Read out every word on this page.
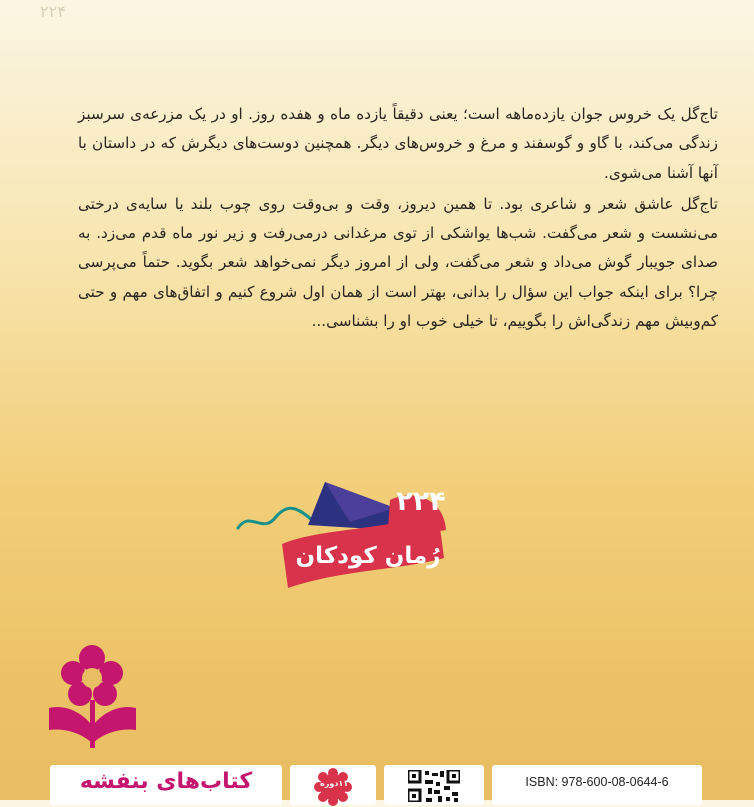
۲۲۴

تاج‌گل یک خروس جوان یازده‌ماهه است؛ یعنی دقیقاً یازده ماه و هفده روز. او در یک مزرعه‌ی سرسبز زندگی می‌کند، با گاو و گوسفند و مرغ و خروس‌های دیگر. همچنین دوست‌های دیگرش که در داستان با آنها آشنا می‌شوی.

تاج‌گل عاشق شعر و شاعری بود. تا همین دیروز، وقت و بی‌وقت روی چوب بلند یا سایه‌ی درختی می‌نشست و شعر می‌گفت. شب‌ها یواشکی از توی مرغدانی درمی‌رفت و زیر نور ماه قدم می‌زد. به صدای جویبار گوش می‌داد و شعر می‌گفت، ولی از امروز دیگر نمی‌خواهد شعر بگوید. حتماً می‌پرسی چرا؟ برای اینکه جواب این سؤال را بدانی، بهتر است از همان اول شروع کنیم و اتفاق‌های مهم و حتی کم‌وبیش مهم زندگی‌اش را بگوییم، تا خیلی خوب او را بشناسی...

۲۲۴
رُمان کودکان
کتاب‌های بنفشه	۱۱دوره	ISBN: 978-600-08-0644-6
